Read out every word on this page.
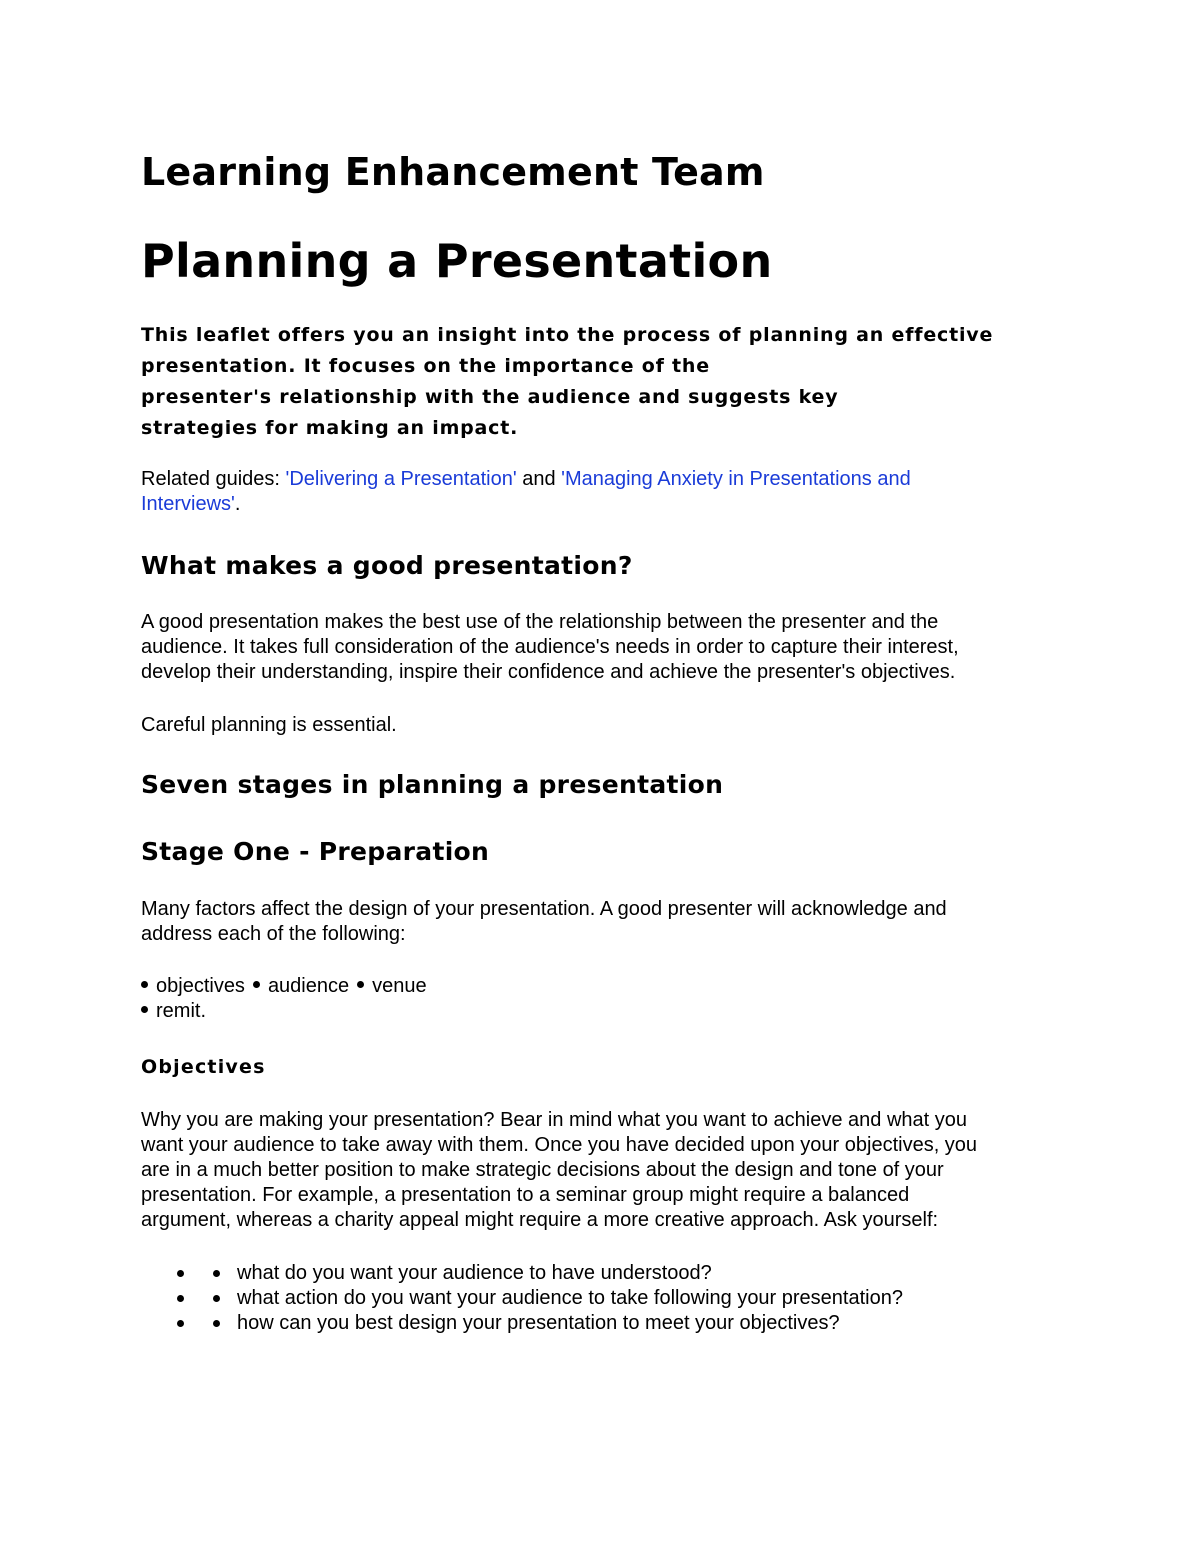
Learning Enhancement Team
Planning a Presentation
This leaflet offers you an insight into the process of planning an effective
presentation. It focuses on the importance of the
presenter's relationship with the audience and suggests key
strategies for making an impact.
Related guides: 'Delivering a Presentation' and 'Managing Anxiety in Presentations and
Interviews'.
What makes a good presentation?
A good presentation makes the best use of the relationship between the presenter and the
audience. It takes full consideration of the audience's needs in order to capture their interest,
develop their understanding, inspire their confidence and achieve the presenter's objectives.
Careful planning is essential.
Seven stages in planning a presentation
Stage One - Preparation
Many factors affect the design of your presentation. A good presenter will acknowledge and
address each of the following:
objectives audience venue
remit.
Objectives
Why you are making your presentation? Bear in mind what you want to achieve and what you
want your audience to take away with them. Once you have decided upon your objectives, you
are in a much better position to make strategic decisions about the design and tone of your
presentation. For example, a presentation to a seminar group might require a balanced
argument, whereas a charity appeal might require a more creative approach. Ask yourself:
what do you want your audience to have understood?
what action do you want your audience to take following your presentation?
how can you best design your presentation to meet your objectives?
